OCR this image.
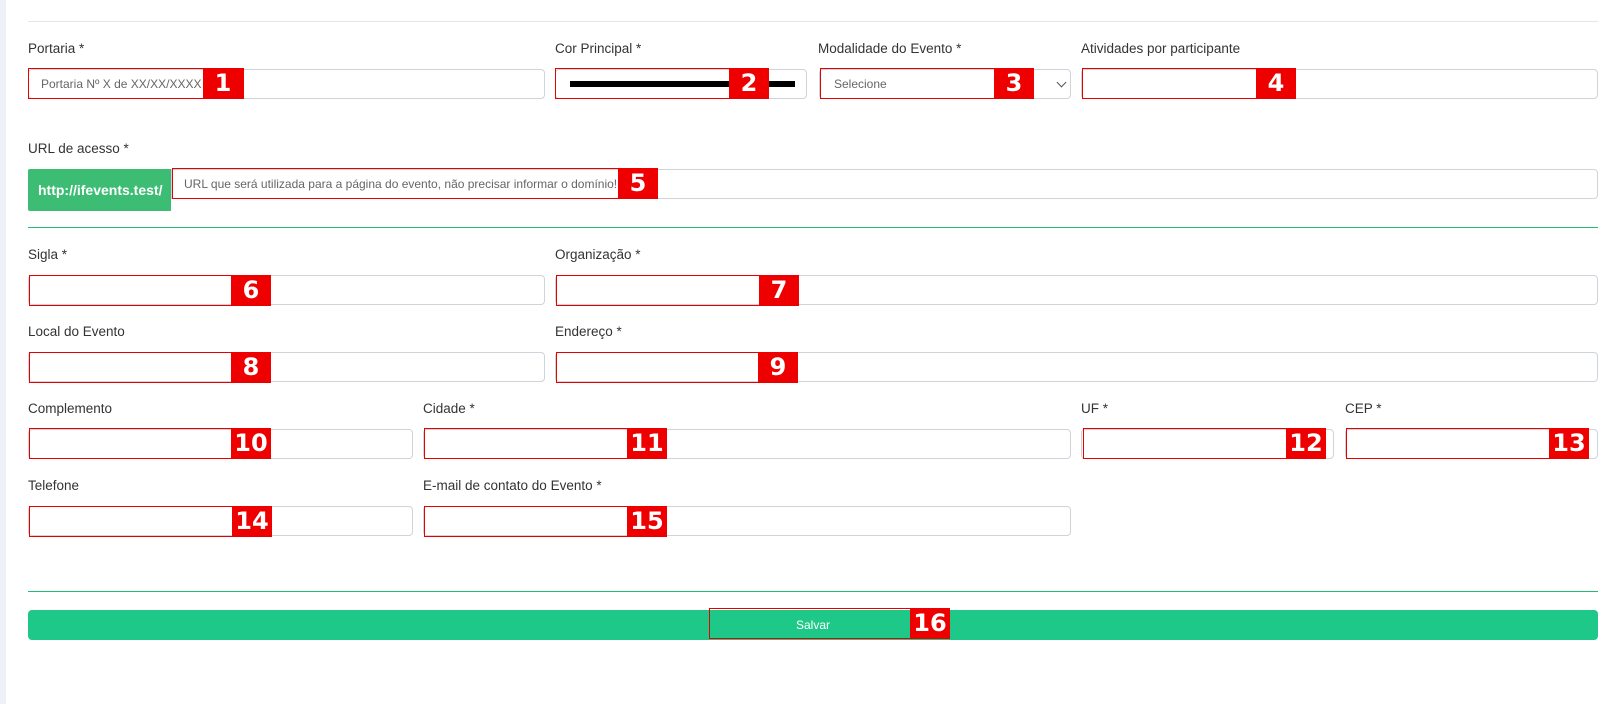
Portaria *
Portaria Nº X de XX/XX/XXXX 1
Cor Principal *
2
Modalidade do Evento *
Selecione	3
Atividades por participante
4
URL de acesso *
http://ifevents.test/	URL que será utilizada para a página do evento, não precisar informar o domínio! 5
Sigla *
6
Organização *
7
Local do Evento
8
Endereço *
9
Complemento
10
Cidade *
11
UF *
12
CEP *
13
Telefone
14
E-mail de contato do Evento *
15
Salvar	16
